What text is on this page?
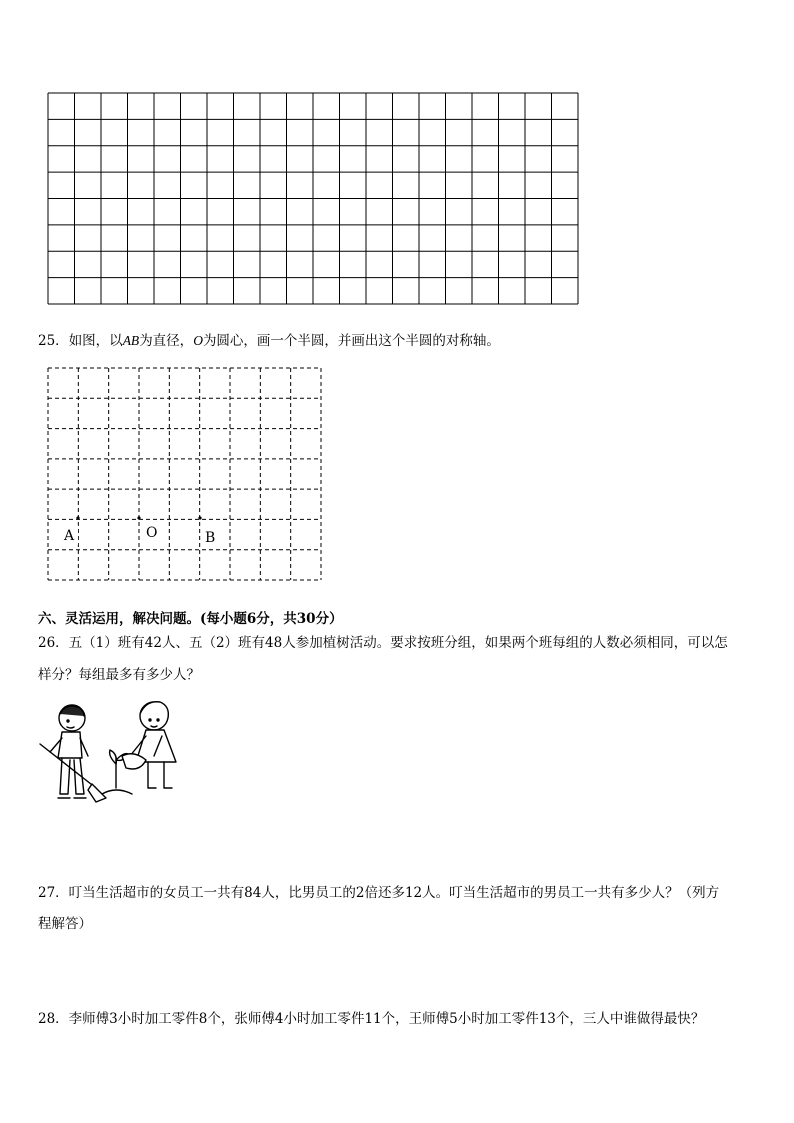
25．如图，以AB为直径，O为圆心，画一个半圆，并画出这个半圆的对称轴。
A	O	B
六、灵活运用，解决问题。(每小题6分，共30分）
26．五（1）班有42人、五（2）班有48人参加植树活动。要求按班分组，如果两个班每组的人数必须相同，可以怎
样分？每组最多有多少人？
27．叮当生活超市的女员工一共有84人，比男员工的2倍还多12人。叮当生活超市的男员工一共有多少人？（列方
程解答）
28．李师傅3小时加工零件8个，张师傅4小时加工零件11个，王师傅5小时加工零件13个，三人中谁做得最快？
